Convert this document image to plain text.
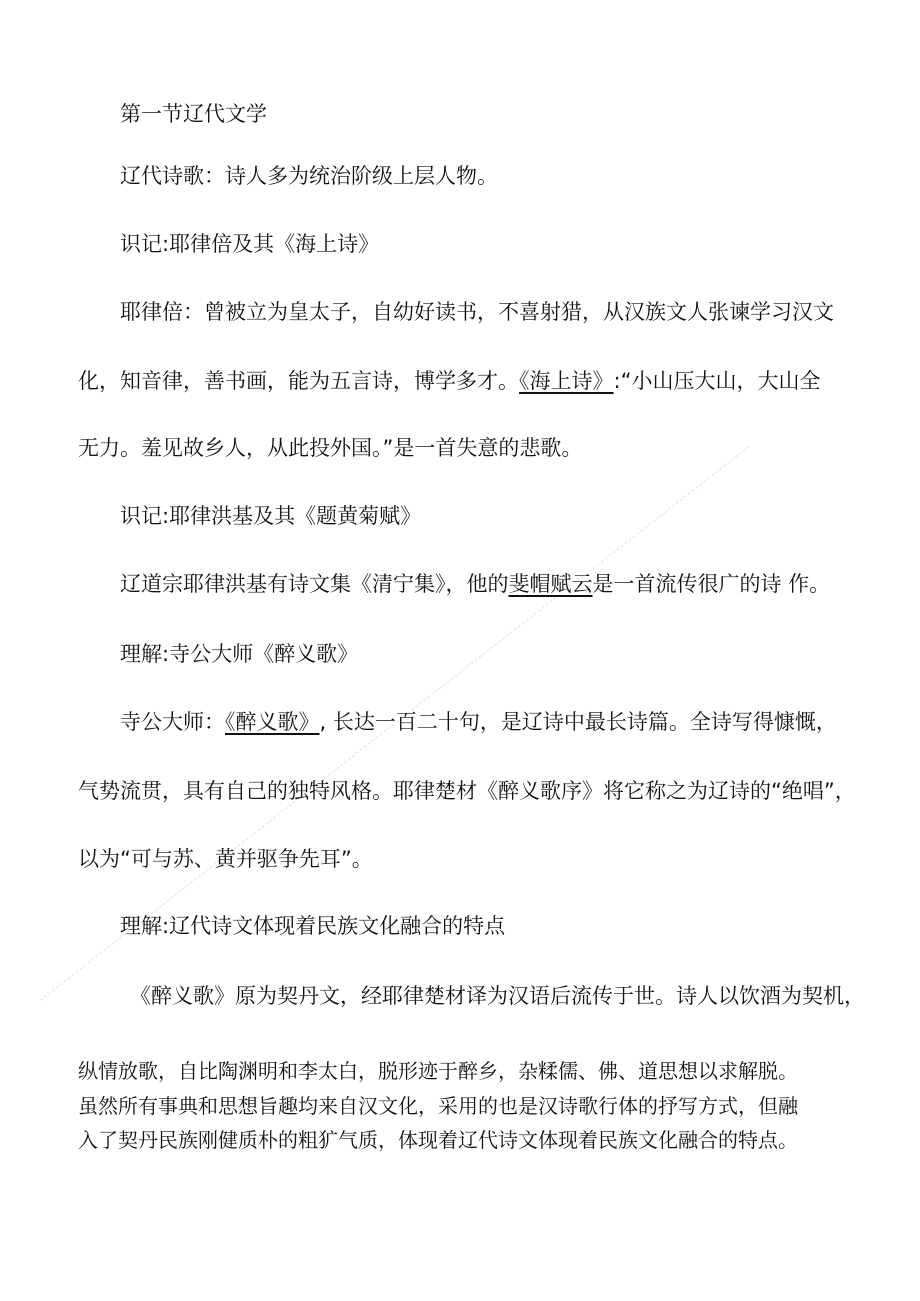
第一节辽代文学
辽代诗歌：诗人多为统治阶级上层人物。
识记:耶律倍及其《海上诗》
耶律倍：曾被立为皇太子，自幼好读书，不喜射猎，从汉族文人张谏学习汉文
化，知音律，善书画，能为五言诗，博学多才。《海上诗》:“小山压大山，大山全
无力。羞见故乡人，从此投外国。”是一首失意的悲歌。
识记:耶律洪基及其《题黄菊赋》
辽道宗耶律洪基有诗文集《清宁集》，他的斐帽赋云是一首流传很广的诗 作。
理解:寺公大师《醉义歌》
寺公大师：《醉义歌》, 长达一百二十句，是辽诗中最长诗篇。全诗写得慷慨，
气势流贯，具有自己的独特风格。耶律楚材《醉义歌序》将它称之为辽诗的“绝唱”，
以为“可与苏、黄并驱争先耳”。
理解:辽代诗文体现着民族文化融合的特点
《醉义歌》原为契丹文，经耶律楚材译为汉语后流传于世。诗人以饮酒为契机，
纵情放歌，自比陶渊明和李太白，脱形迹于醉乡，杂糅儒、佛、道思想以求解脱。
虽然所有事典和思想旨趣均来自汉文化，采用的也是汉诗歌行体的抒写方式，但融
入了契丹民族刚健质朴的粗犷气质，体现着辽代诗文体现着民族文化融合的特点。
